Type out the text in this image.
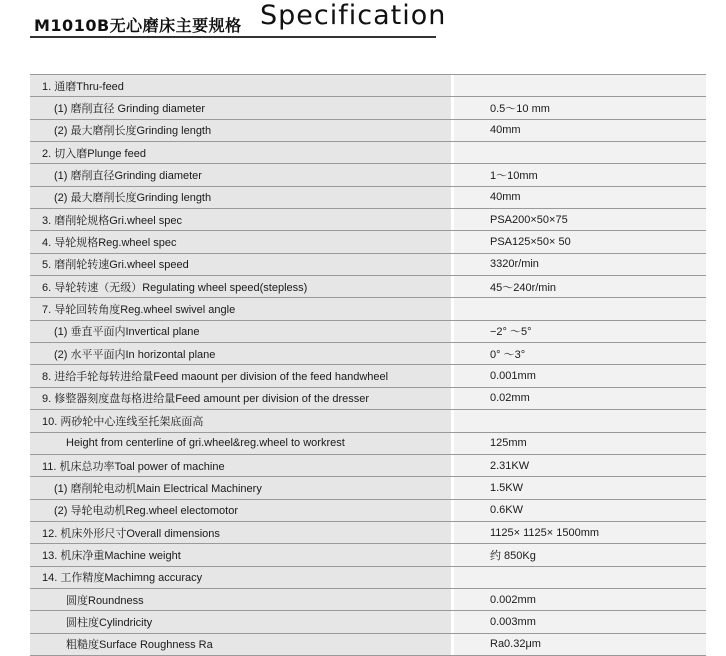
M1010B无心磨床主要规格 Specification
1. 通磨Thru-feed		
(1) 磨削直径 Grinding diameter		0.5～10 mm
(2) 最大磨削长度Grinding length		40mm
2. 切入磨Plunge feed		
(1) 磨削直径Grinding diameter		1～10mm
(2) 最大磨削长度Grinding length		40mm
3. 磨削轮规格Gri.wheel spec		PSA200×50×75
4. 导轮规格Reg.wheel spec		PSA125×50× 50
5. 磨削轮转速Gri.wheel speed		3320r/min
6. 导轮转速（无级）Regulating wheel speed(stepless)		45～240r/min
7. 导轮回转角度Reg.wheel swivel angle		
(1) 垂直平面内Invertical plane		−2° ～5°
(2) 水平平面内In horizontal plane		0° ～3°
8. 进给手轮每转进给量Feed maount per division of the feed handwheel		0.001mm
9. 修整器刻度盘每格进给量Feed amount per division of the dresser		0.02mm
10. 两砂轮中心连线至托架底面高		
Height from centerline of gri.wheel&reg.wheel to workrest		125mm
11. 机床总功率Toal power of machine		2.31KW
(1) 磨削轮电动机Main Electrical Machinery		1.5KW
(2) 导轮电动机Reg.wheel electomotor		0.6KW
12. 机床外形尺寸Overall dimensions		1125× 1125× 1500mm
13. 机床净重Machine weight		约 850Kg
14. 工作精度Machimng accuracy		
圆度Roundness		0.002mm
圆柱度Cylindricity		0.003mm
粗糙度Surface Roughness Ra		Ra0.32μm
